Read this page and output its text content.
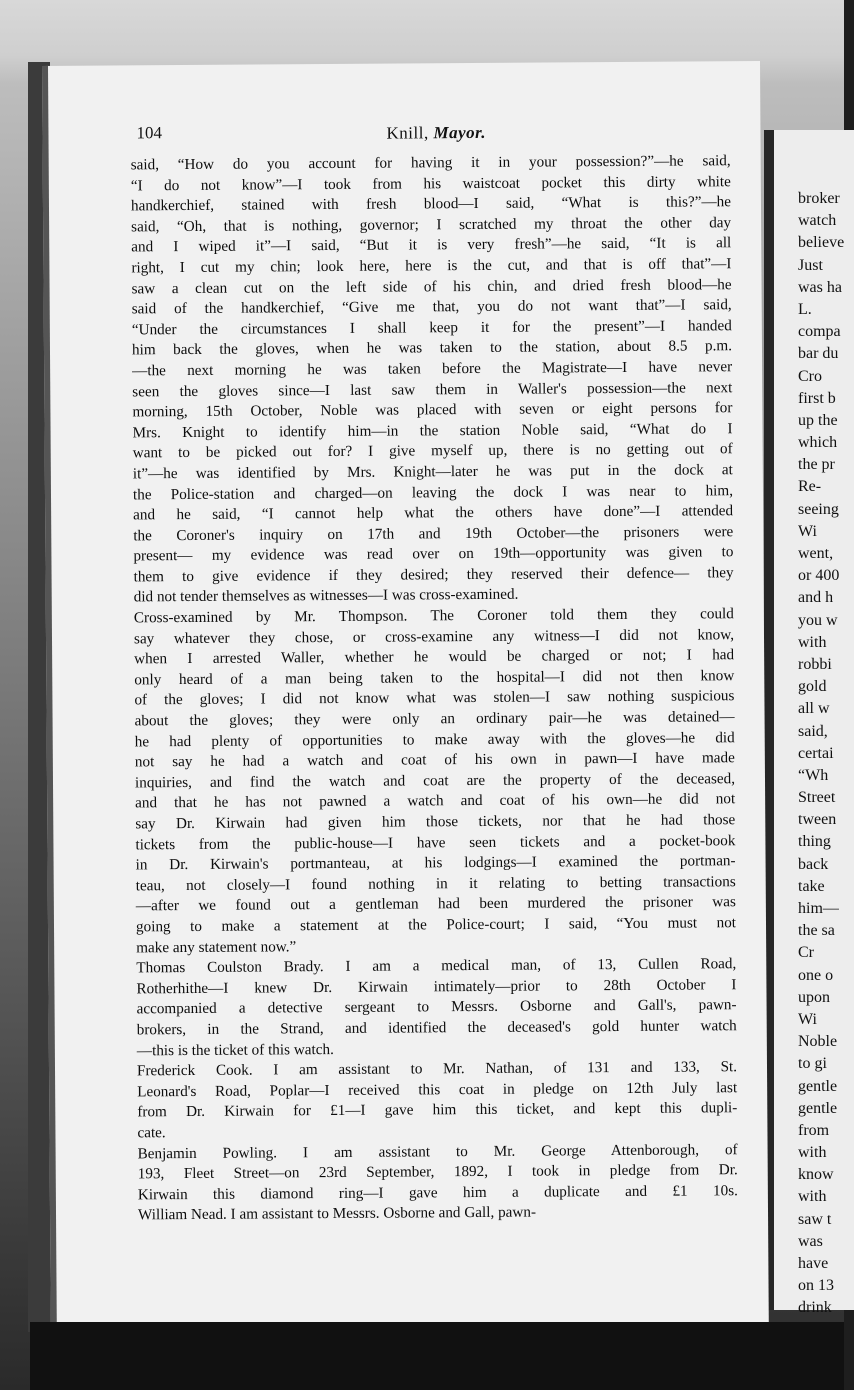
broker
watch
believe
Just
was ha
L.
compa
bar du
Cro
first b
up the
which
the pr
Re-
seeing
Wi
went,
or 400
and h
you w
with
robbi
gold
all w
said,
certai
“Wh
Street
tween
thing
back
take
him—
the sa
Cr
one o
upon
Wi
Noble
to gi
gentle
gentle
from
with
know
with
saw t
was
have
on 13
drink
104	Knill, Mayor.
said, “How do you account for having it in your possession?”—he said,
“I do not know”—I took from his waistcoat pocket this dirty white
handkerchief, stained with fresh blood—I said, “What is this?”—he
said, “Oh, that is nothing, governor; I scratched my throat the other day
and I wiped it”—I said, “But it is very fresh”—he said, “It is all
right, I cut my chin; look here, here is the cut, and that is off that”—I
saw a clean cut on the left side of his chin, and dried fresh blood—he
said of the handkerchief, “Give me that, you do not want that”—I said,
“Under the circumstances I shall keep it for the present”—I handed
him back the gloves, when he was taken to the station, about 8.5 p.m.
—the next morning he was taken before the Magistrate—I have never
seen the gloves since—I last saw them in Waller's possession—the next
morning, 15th October, Noble was placed with seven or eight persons for
Mrs. Knight to identify him—in the station Noble said, “What do I
want to be picked out for? I give myself up, there is no getting out of
it”—he was identified by Mrs. Knight—later he was put in the dock at
the Police-station and charged—on leaving the dock I was near to him,
and he said, “I cannot help what the others have done”—I attended
the Coroner's inquiry on 17th and 19th October—the prisoners were
present— my evidence was read over on 19th—opportunity was given to
them to give evidence if they desired; they reserved their defence— they
did not tender themselves as witnesses—I was cross-examined.
Cross-examined by Mr. Thompson. The Coroner told them they could
say whatever they chose, or cross-examine any witness—I did not know,
when I arrested Waller, whether he would be charged or not; I had
only heard of a man being taken to the hospital—I did not then know
of the gloves; I did not know what was stolen—I saw nothing suspicious
about the gloves; they were only an ordinary pair—he was detained—
he had plenty of opportunities to make away with the gloves—he did
not say he had a watch and coat of his own in pawn—I have made
inquiries, and find the watch and coat are the property of the deceased,
and that he has not pawned a watch and coat of his own—he did not
say Dr. Kirwain had given him those tickets, nor that he had those
tickets from the public-house—I have seen tickets and a pocket-book
in Dr. Kirwain's portmanteau, at his lodgings—I examined the portman-
teau, not closely—I found nothing in it relating to betting transactions
—after we found out a gentleman had been murdered the prisoner was
going to make a statement at the Police-court; I said, “You must not
make any statement now.”
Thomas Coulston Brady. I am a medical man, of 13, Cullen Road,
Rotherhithe—I knew Dr. Kirwain intimately—prior to 28th October I
accompanied a detective sergeant to Messrs. Osborne and Gall's, pawn-
brokers, in the Strand, and identified the deceased's gold hunter watch
—this is the ticket of this watch.
Frederick Cook. I am assistant to Mr. Nathan, of 131 and 133, St.
Leonard's Road, Poplar—I received this coat in pledge on 12th July last
from Dr. Kirwain for £1—I gave him this ticket, and kept this dupli-
cate.
Benjamin Powling. I am assistant to Mr. George Attenborough, of
193, Fleet Street—on 23rd September, 1892, I took in pledge from Dr.
Kirwain this diamond ring—I gave him a duplicate and £1 10s.
William Nead. I am assistant to Messrs. Osborne and Gall, pawn-
